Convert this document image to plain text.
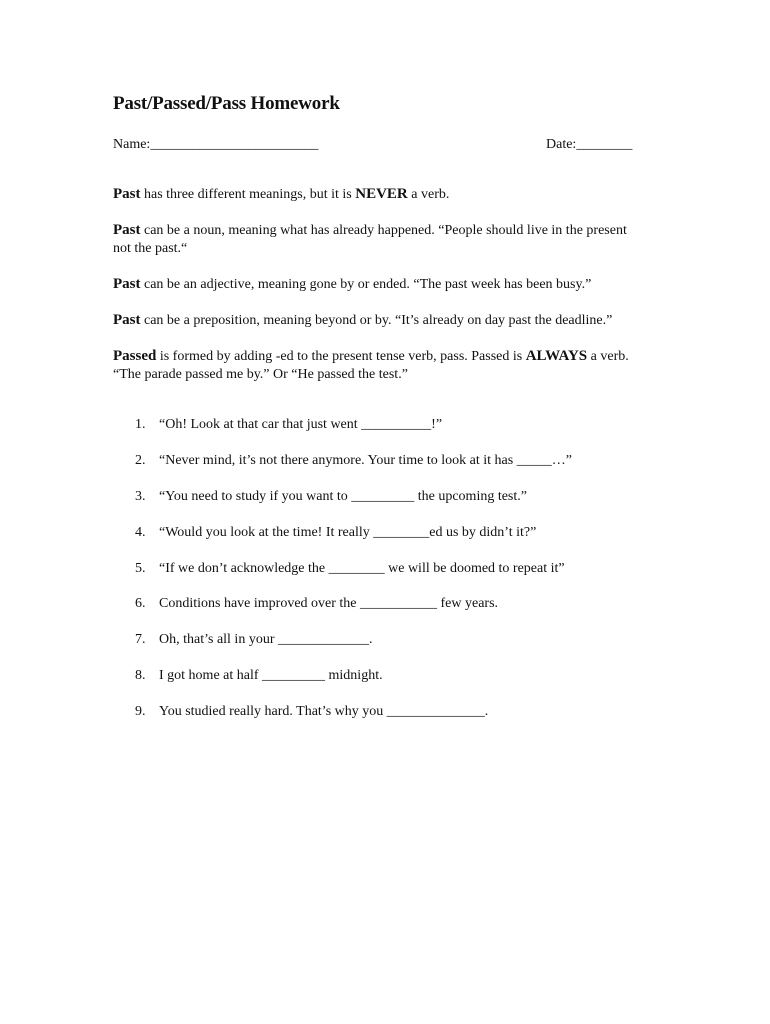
Past/Passed/Pass Homework
Name:________________________	Date:________
Past has three different meanings, but it is NEVER a verb.
Past can be a noun, meaning what has already happened. “People should live in the present not the past.“
Past can be an adjective, meaning gone by or ended. “The past week has been busy.”
Past can be a preposition, meaning beyond or by. “It’s already on day past the deadline.”
Passed is formed by adding -ed to the present tense verb, pass. Passed is ALWAYS a verb. “The parade passed me by.” Or “He passed the test.”
1. “Oh! Look at that car that just went __________!”
2. “Never mind, it’s not there anymore. Your time to look at it has _____…”
3. “You need to study if you want to _________ the upcoming test.”
4. “Would you look at the time! It really ________ed us by didn’t it?”
5. “If we don’t acknowledge the ________ we will be doomed to repeat it”
6. Conditions have improved over the ___________ few years.
7. Oh, that’s all in your _____________.
8. I got home at half _________ midnight.
9. You studied really hard. That’s why you ______________.
